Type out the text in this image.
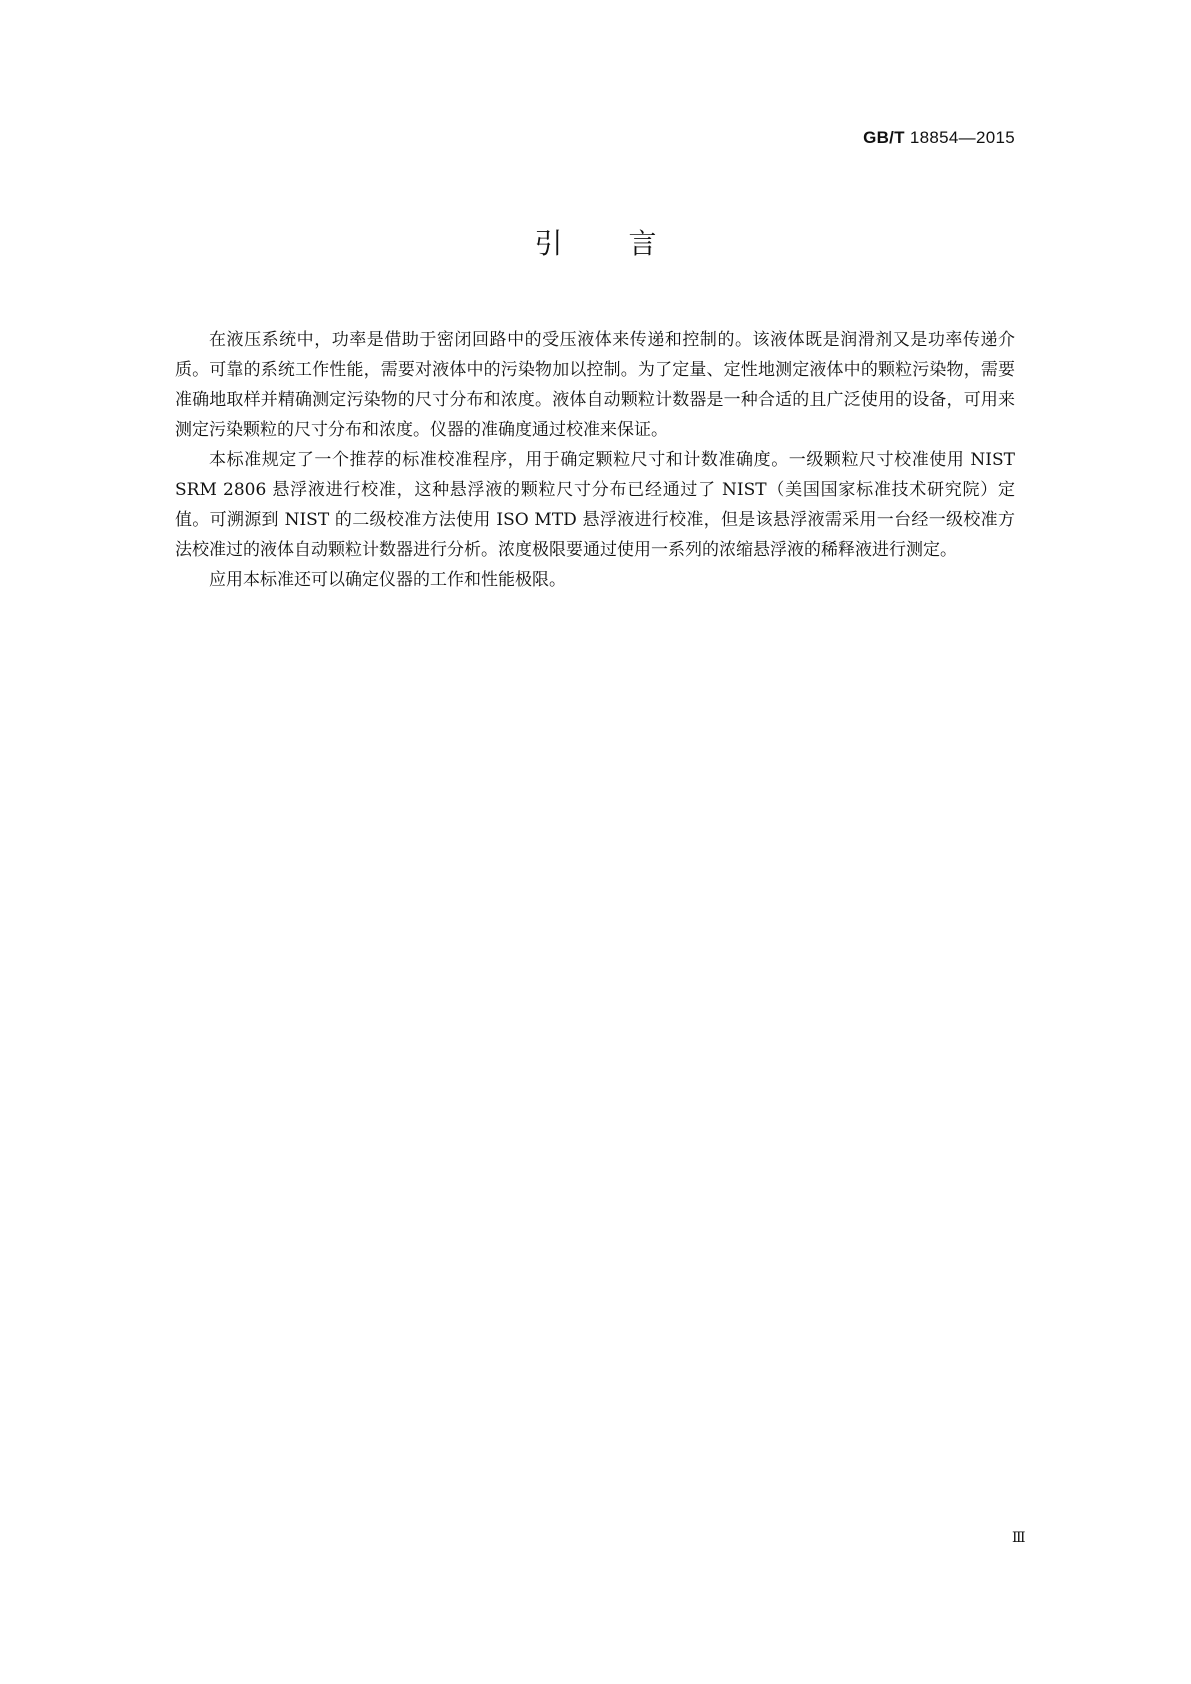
GB/T 18854—2015
引 言

在液压系统中，功率是借助于密闭回路中的受压液体来传递和控制的。该液体既是润滑剂又是功率传递介质。可靠的系统工作性能，需要对液体中的污染物加以控制。为了定量、定性地测定液体中的颗粒污染物，需要准确地取样并精确测定污染物的尺寸分布和浓度。液体自动颗粒计数器是一种合适的且广泛使用的设备，可用来测定污染颗粒的尺寸分布和浓度。仪器的准确度通过校准来保证。

本标准规定了一个推荐的标准校准程序，用于确定颗粒尺寸和计数准确度。一级颗粒尺寸校准使用 NIST SRM 2806 悬浮液进行校准，这种悬浮液的颗粒尺寸分布已经通过了 NIST（美国国家标准技术研究院）定值。可溯源到 NIST 的二级校准方法使用 ISO MTD 悬浮液进行校准，但是该悬浮液需采用一台经一级校准方法校准过的液体自动颗粒计数器进行分析。浓度极限要通过使用一系列的浓缩悬浮液的稀释液进行测定。

应用本标准还可以确定仪器的工作和性能极限。

Ⅲ
